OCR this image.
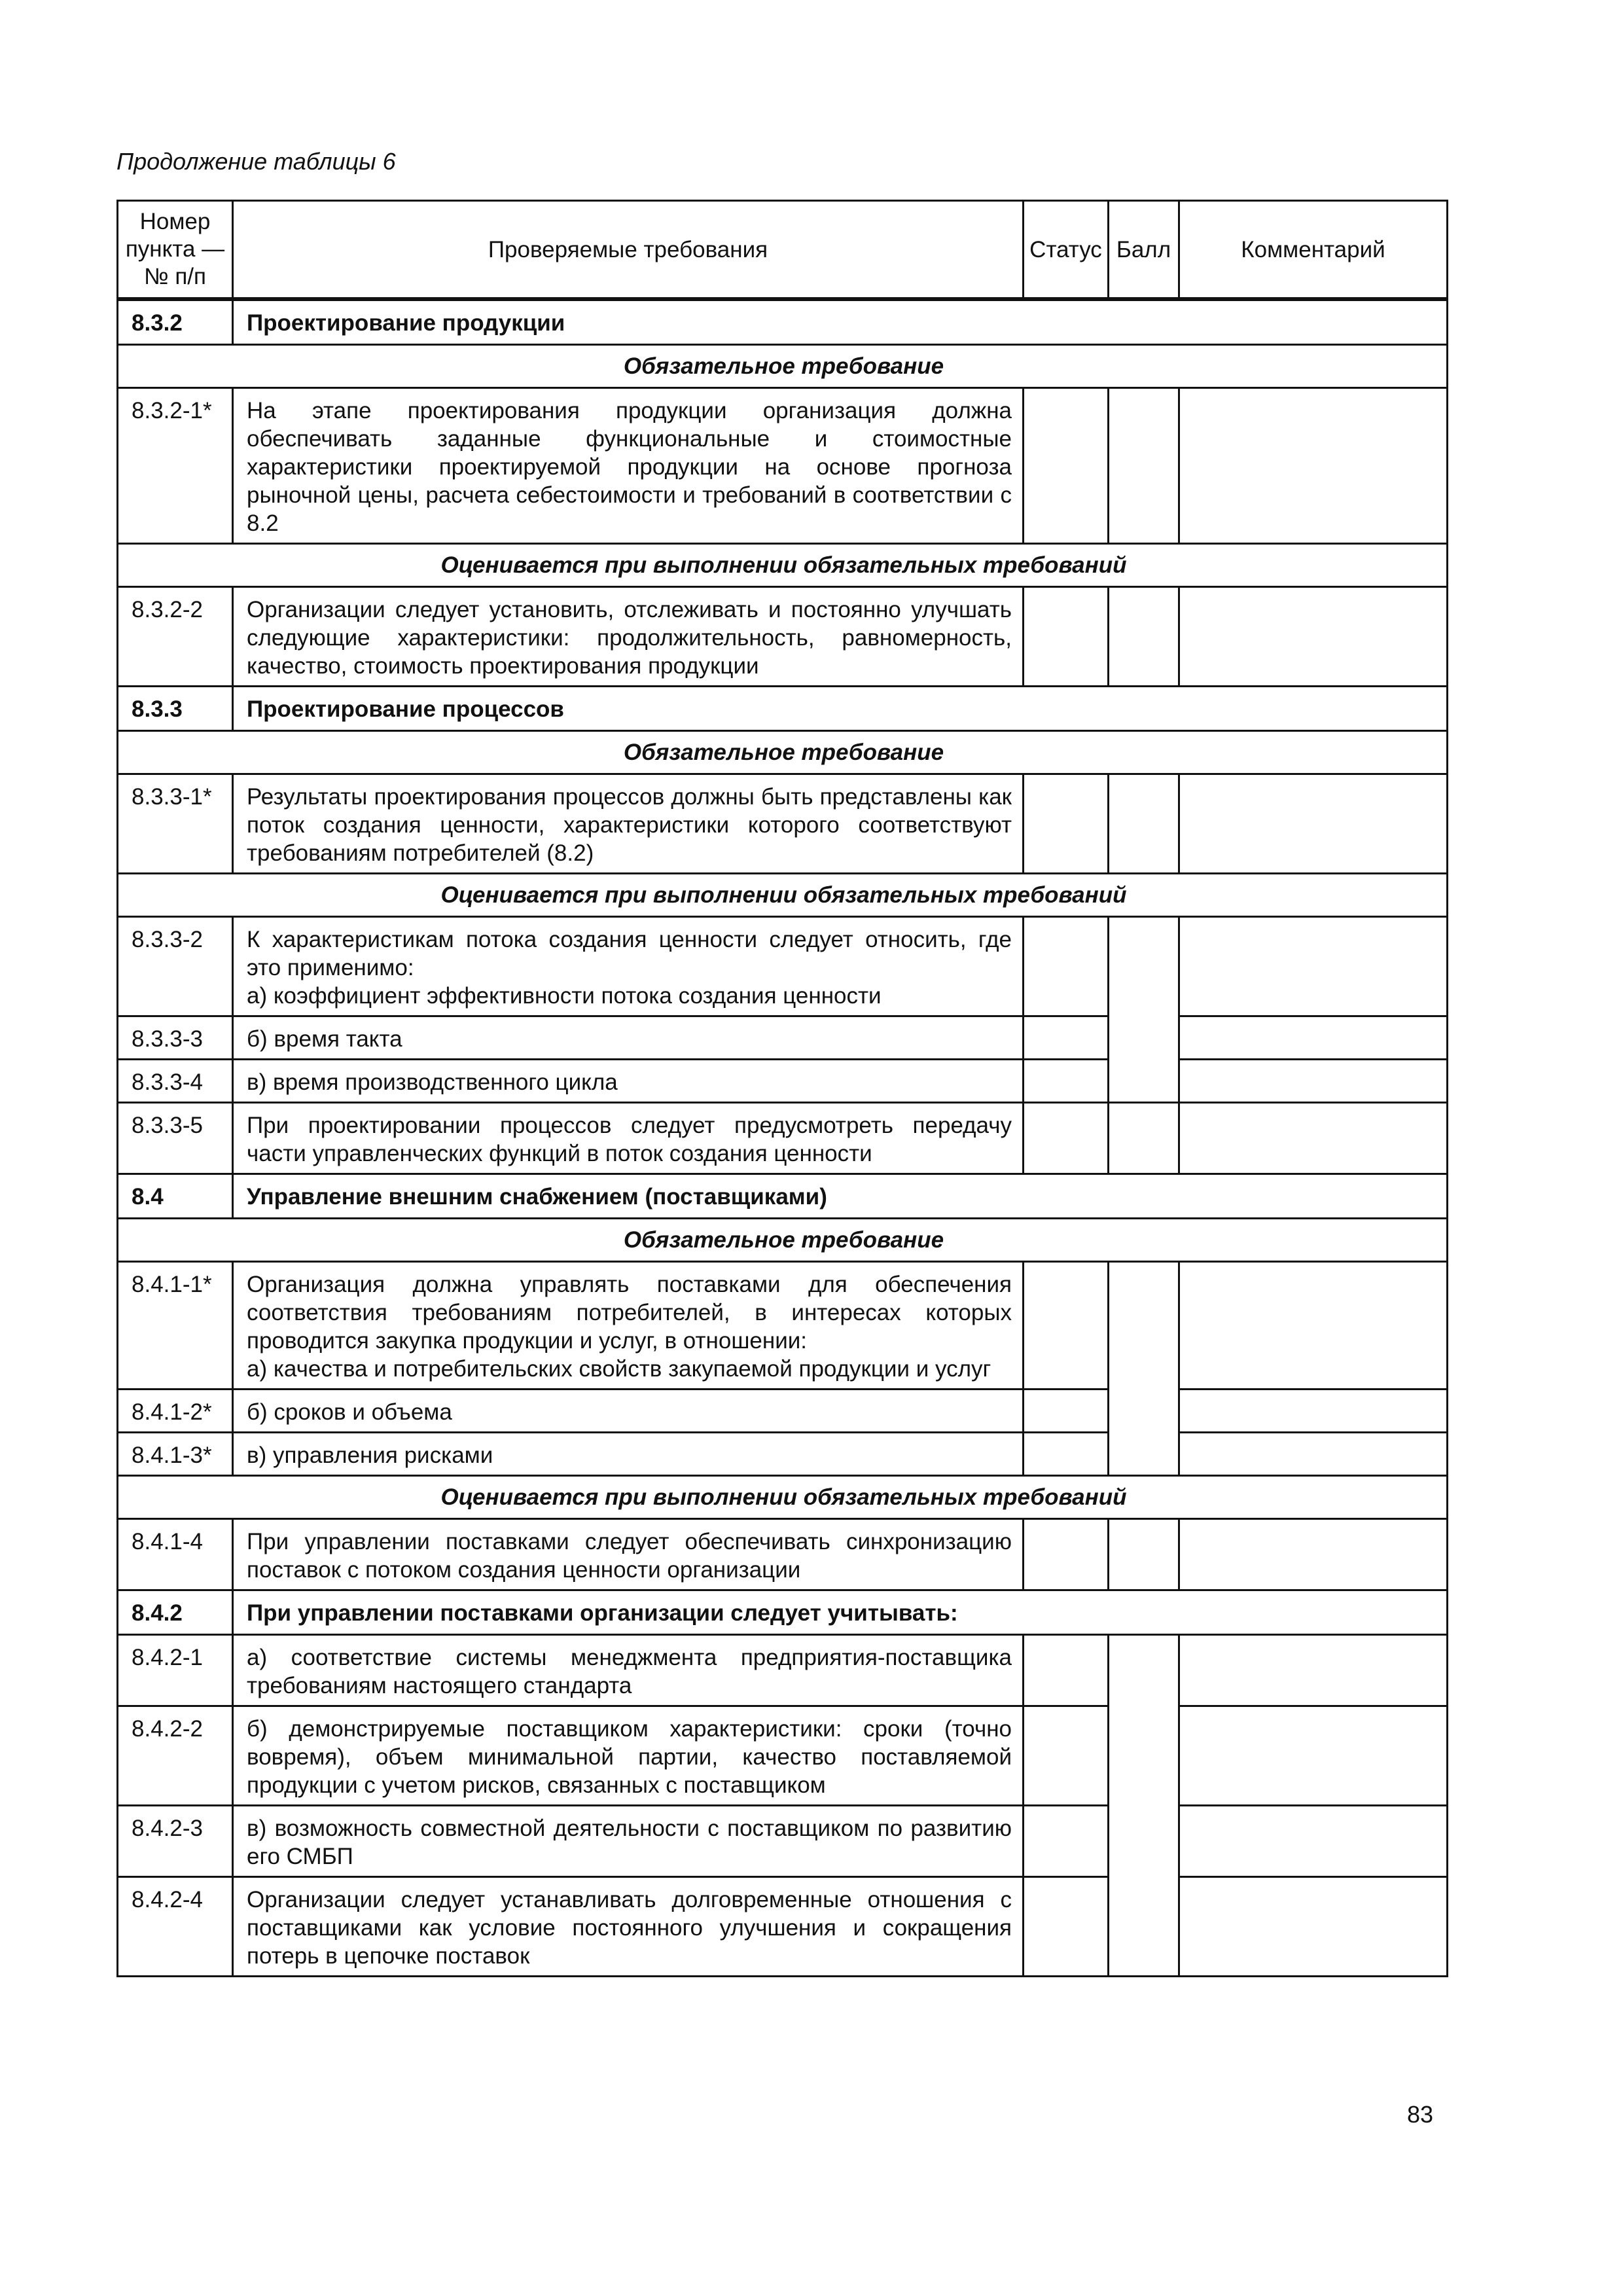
Продолжение таблицы 6
Номер
пункта —
№ п/п	Проверяемые требования	Статус	Балл	Комментарий

8.3.2	Проектирование продукции			
Обязательное требование				
8.3.2-1*	На этапе проектирования продукции организация должна обеспечивать заданные функциональные и стоимостные характеристики проектируемой продукции на основе прогноза рыночной цены, расчета себестоимости и требований в соответствии с 8.2			
Оценивается при выполнении обязательных требований				
8.3.2-2	Организации следует установить, отслеживать и постоянно улучшать следующие характеристики: продолжительность, равномерность, качество, стоимость проектирования продукции			
8.3.3	Проектирование процессов			
Обязательное требование				
8.3.3-1*	Результаты проектирования процессов должны быть представлены как поток создания ценности, характеристики которого соответствуют требованиям потребителей (8.2)			
Оценивается при выполнении обязательных требований				
8.3.3-2	К характеристикам потока создания ценности следует относить, где это применимо:
а) коэффициент эффективности потока создания ценности			
8.3.3-3	б) время такта			
8.3.3-4	в) время производственного цикла			
8.3.3-5	При проектировании процессов следует предусмотреть передачу части управленческих функций в поток создания ценности			
8.4	Управление внешним снабжением (поставщиками)			
Обязательное требование				
8.4.1-1*	Организация должна управлять поставками для обеспечения соответствия требованиям потребителей, в интересах которых проводится закупка продукции и услуг, в отношении:
а) качества и потребительских свойств закупаемой продукции и услуг			
8.4.1-2*	б) сроков и объема			
8.4.1-3*	в) управления рисками			
Оценивается при выполнении обязательных требований				
8.4.1-4	При управлении поставками следует обеспечивать синхронизацию поставок с потоком создания ценности организации			
8.4.2	При управлении поставками организации следует учитывать:			
8.4.2-1	а) соответствие системы менеджмента предприятия-поставщика требованиям настоящего стандарта			
8.4.2-2	б) демонстрируемые поставщиком характеристики: сроки (точно вовремя), объем минимальной партии, качество поставляемой продукции с учетом рисков, связанных с поставщиком			
8.4.2-3	в) возможность совместной деятельности с поставщиком по развитию его СМБП			
8.4.2-4	Организации следует устанавливать долговременные отношения с поставщиками как условие постоянного улучшения и сокращения потерь в цепочке поставок			
83
